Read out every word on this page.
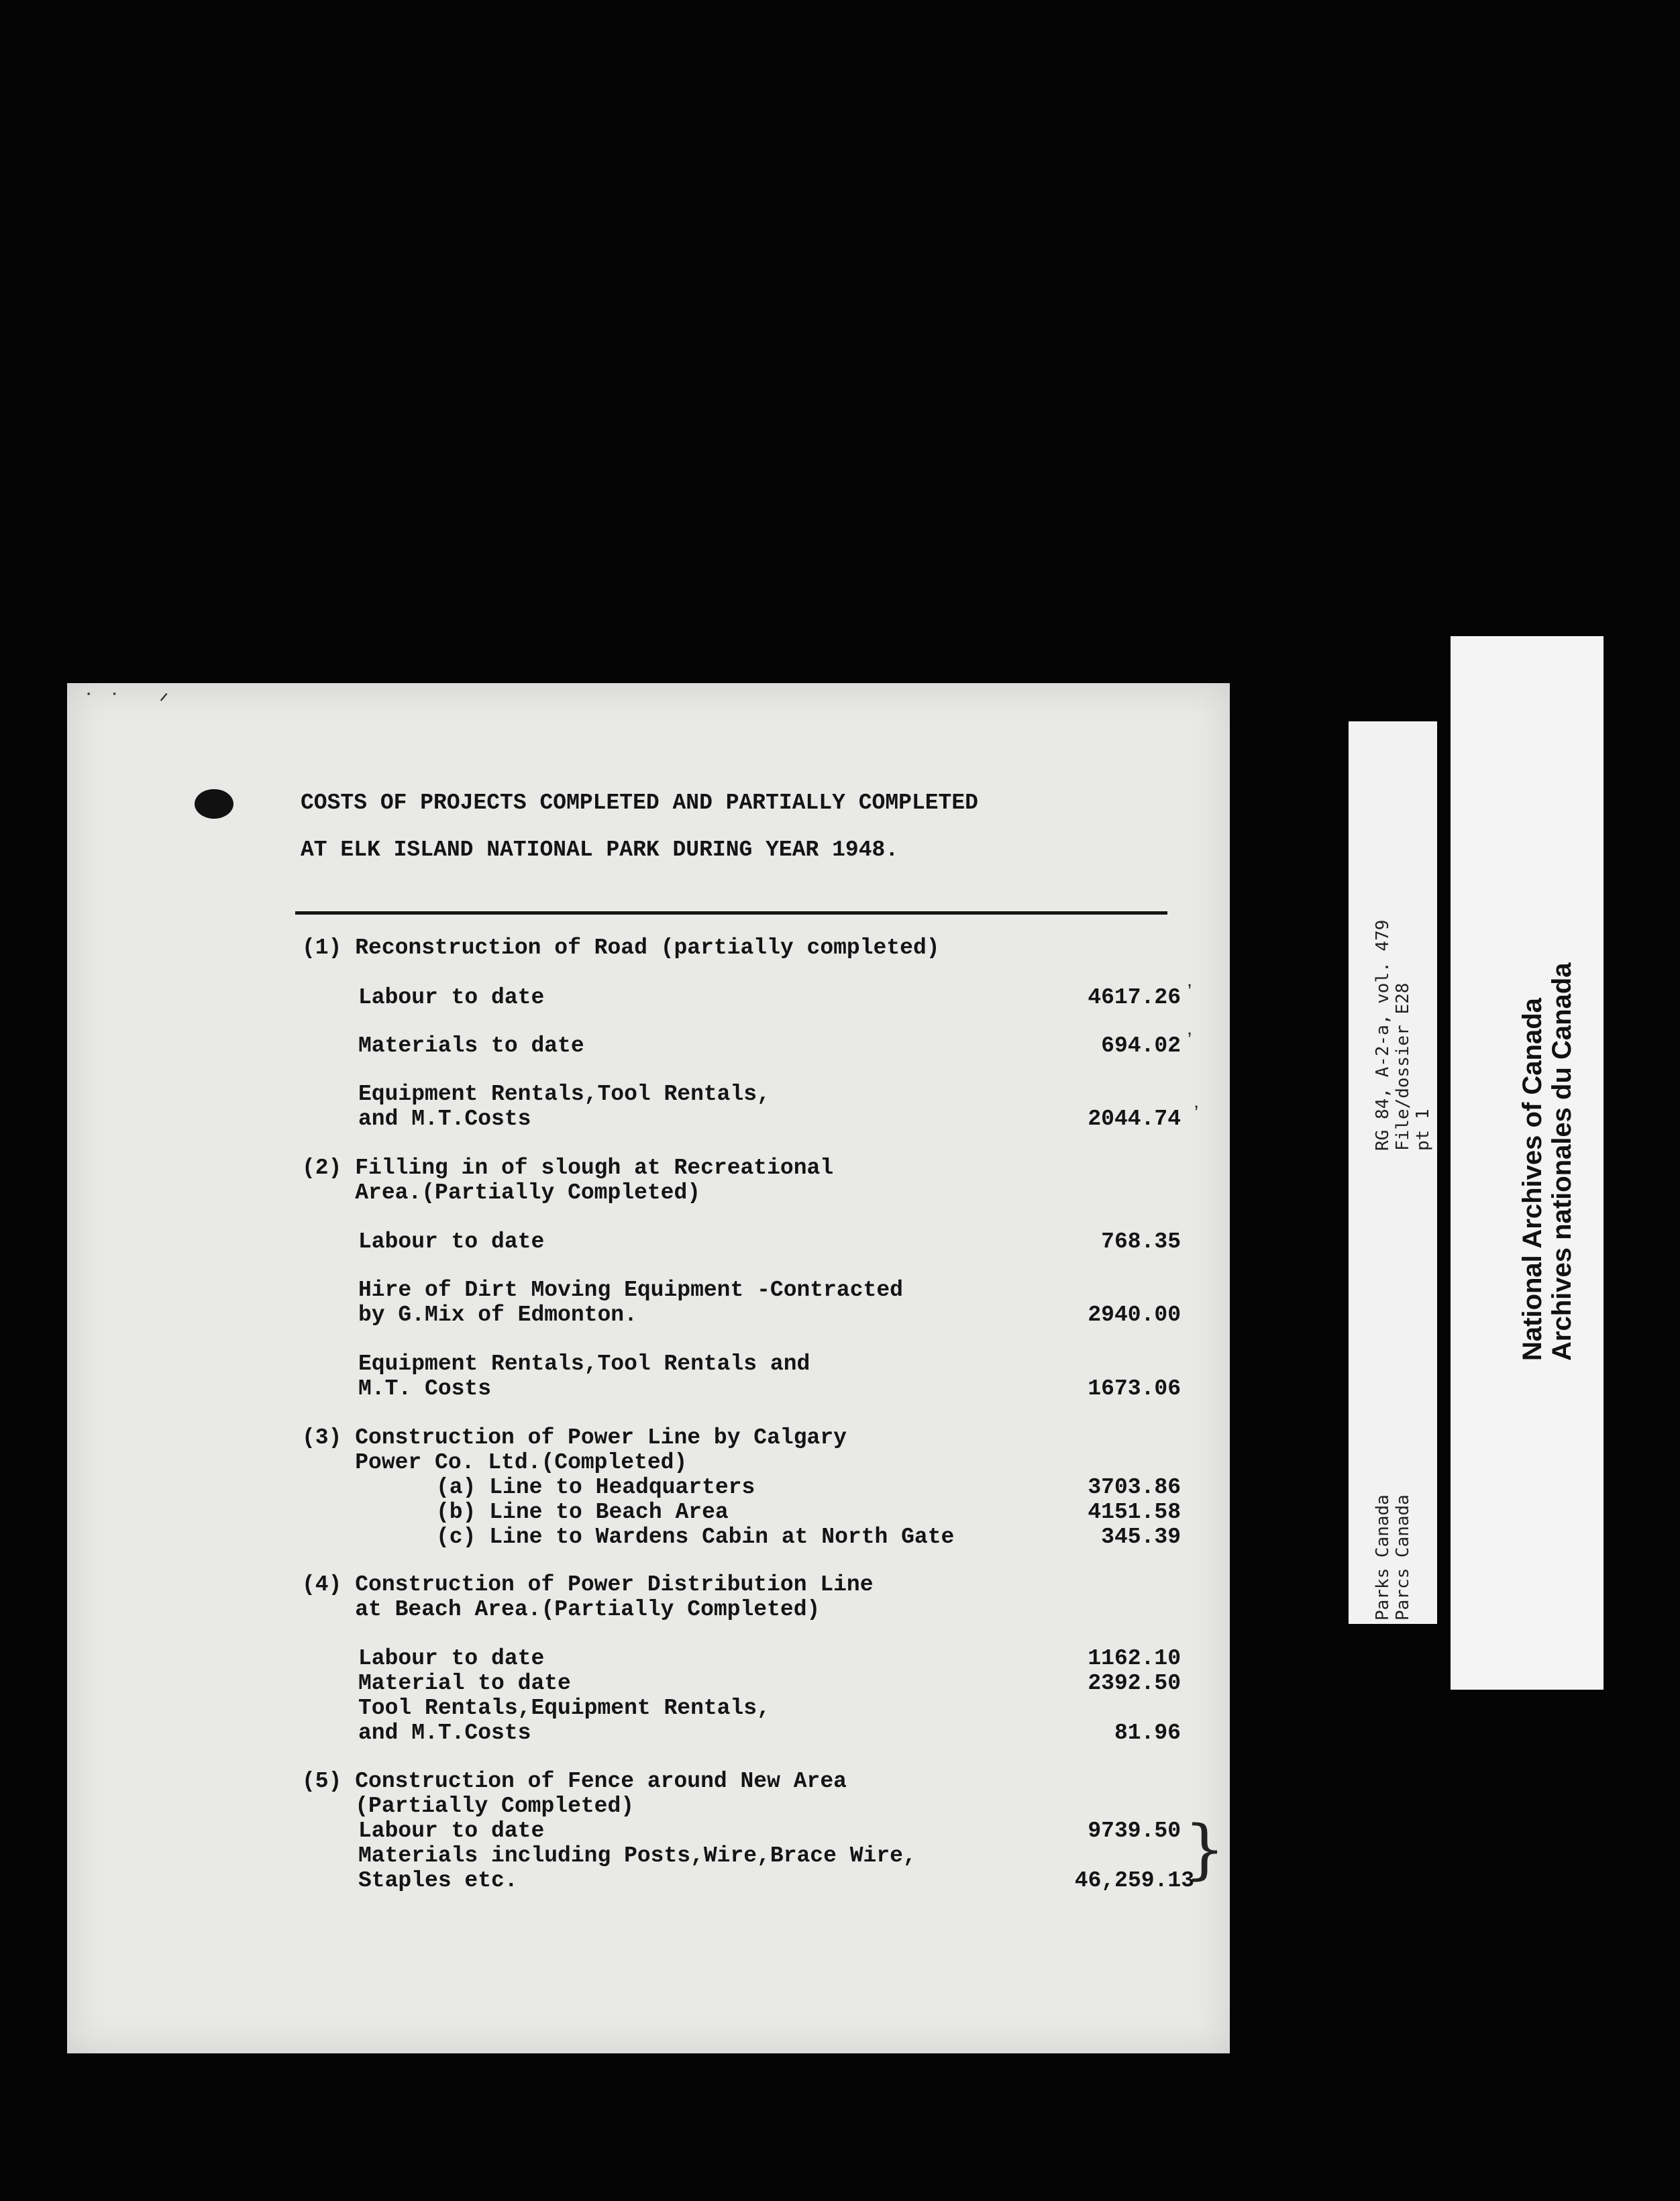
˙˙ ᐟ
COSTS OF PROJECTS COMPLETED AND PARTIALLY COMPLETED
AT ELK ISLAND NATIONAL PARK DURING YEAR 1948.
(1) Reconstruction of Road (partially completed)
Labour to date	4617.26 ʼ
Materials to date	694.02 ʼ
Equipment Rentals,Tool Rentals,
and M.T.Costs	2044.74 ʼ
(2) Filling in of slough at Recreational
Area.(Partially Completed)
Labour to date	768.35
Hire of Dirt Moving Equipment -Contracted
by G.Mix of Edmonton.	2940.00
Equipment Rentals,Tool Rentals and
M.T. Costs	1673.06
(3) Construction of Power Line by Calgary
Power Co. Ltd.(Completed)
(a) Line to Headquarters	3703.86
(b) Line to Beach Area	4151.58
(c) Line to Wardens Cabin at North Gate	345.39
(4) Construction of Power Distribution Line
at Beach Area.(Partially Completed)
Labour to date	1162.10
Material to date	2392.50
Tool Rentals,Equipment Rentals,
and M.T.Costs	81.96
(5) Construction of Fence around New Area
(Partially Completed)
Labour to date	9739.50
Materials including Posts,Wire,Brace Wire,
Staples etc.	46,259.13
}
RG 84, A-2-a, vol. 479 File/dossier E28 pt 1
Parks Canada Parcs Canada
National Archives of Canada Archives nationales du Canada
